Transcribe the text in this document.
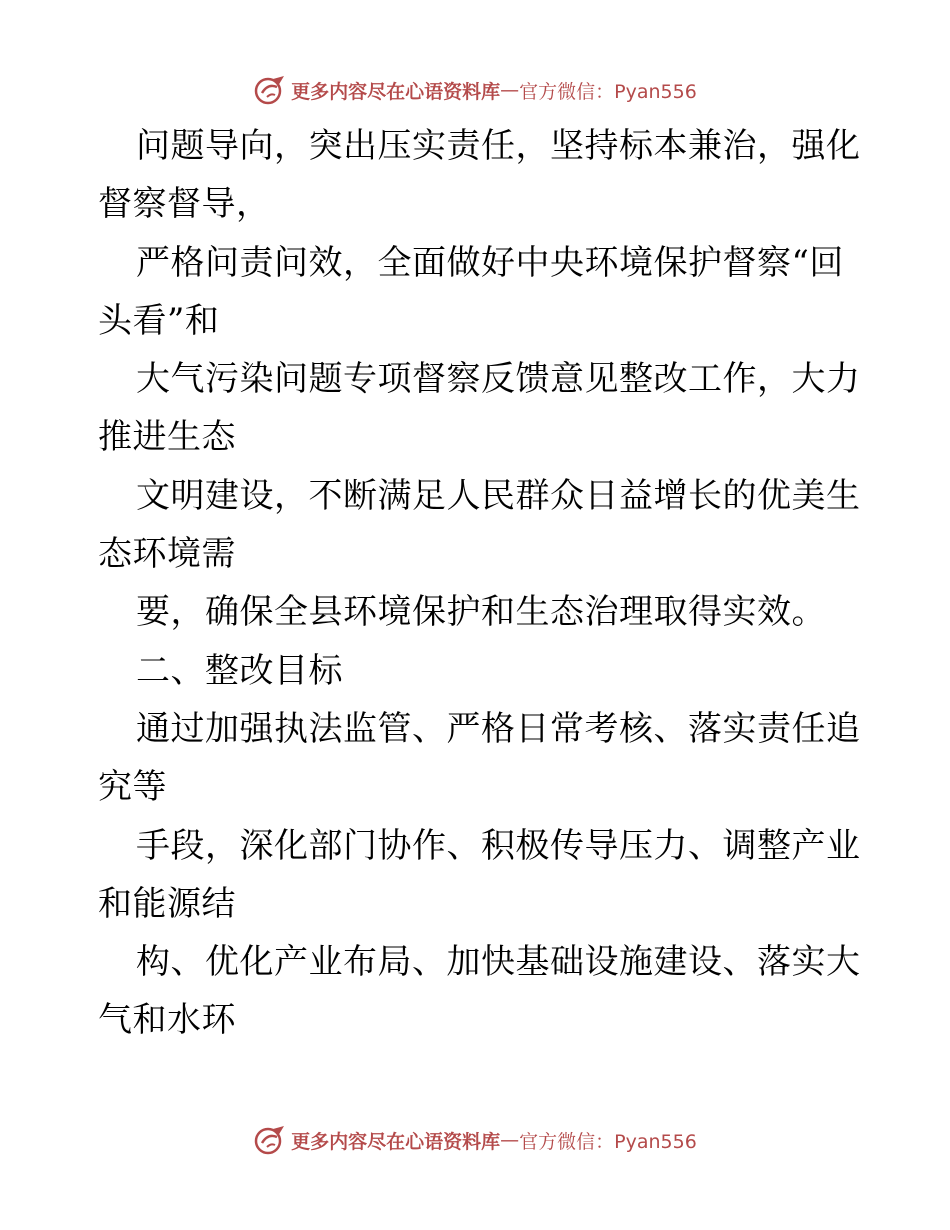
更多内容尽在心语资料库 — 官方微信：Pyan556
问题导向，突出压实责任，坚持标本兼治，强化
督察督导，
严格问责问效，全面做好中央环境保护督察“回
头看”和
大气污染问题专项督察反馈意见整改工作，大力
推进生态
文明建设，不断满足人民群众日益增长的优美生
态环境需
要，确保全县环境保护和生态治理取得实效。
二、整改目标
通过加强执法监管、严格日常考核、落实责任追
究等
手段，深化部门协作、积极传导压力、调整产业
和能源结
构、优化产业布局、加快基础设施建设、落实大
气和水环
更多内容尽在心语资料库 — 官方微信：Pyan556
